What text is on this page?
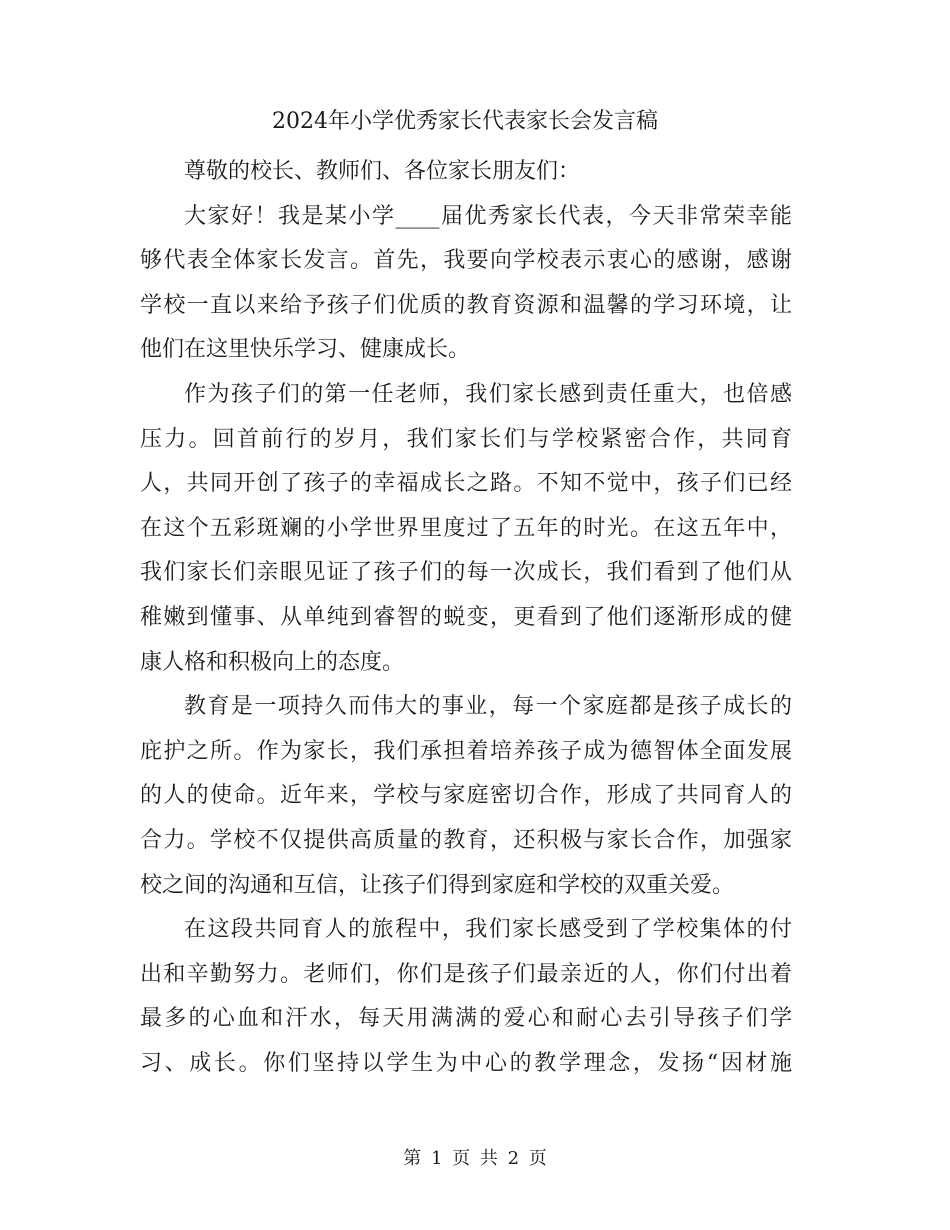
2024年小学优秀家长代表家长会发言稿

尊敬的校长、教师们、各位家长朋友们：

大家好！我是某小学____届优秀家长代表，今天非常荣幸能
够代表全体家长发言。首先，我要向学校表示衷心的感谢，感谢
学校一直以来给予孩子们优质的教育资源和温馨的学习环境，让
他们在这里快乐学习、健康成长。

作为孩子们的第一任老师，我们家长感到责任重大，也倍感
压力。回首前行的岁月，我们家长们与学校紧密合作，共同育
人，共同开创了孩子的幸福成长之路。不知不觉中，孩子们已经
在这个五彩斑斓的小学世界里度过了五年的时光。在这五年中，
我们家长们亲眼见证了孩子们的每一次成长，我们看到了他们从
稚嫩到懂事、从单纯到睿智的蜕变，更看到了他们逐渐形成的健
康人格和积极向上的态度。

教育是一项持久而伟大的事业，每一个家庭都是孩子成长的
庇护之所。作为家长，我们承担着培养孩子成为德智体全面发展
的人的使命。近年来，学校与家庭密切合作，形成了共同育人的
合力。学校不仅提供高质量的教育，还积极与家长合作，加强家
校之间的沟通和互信，让孩子们得到家庭和学校的双重关爱。

在这段共同育人的旅程中，我们家长感受到了学校集体的付
出和辛勤努力。老师们，你们是孩子们最亲近的人，你们付出着
最多的心血和汗水，每天用满满的爱心和耐心去引导孩子们学
习、成长。你们坚持以学生为中心的教学理念，发扬“因材施

第 1 页 共 2 页
